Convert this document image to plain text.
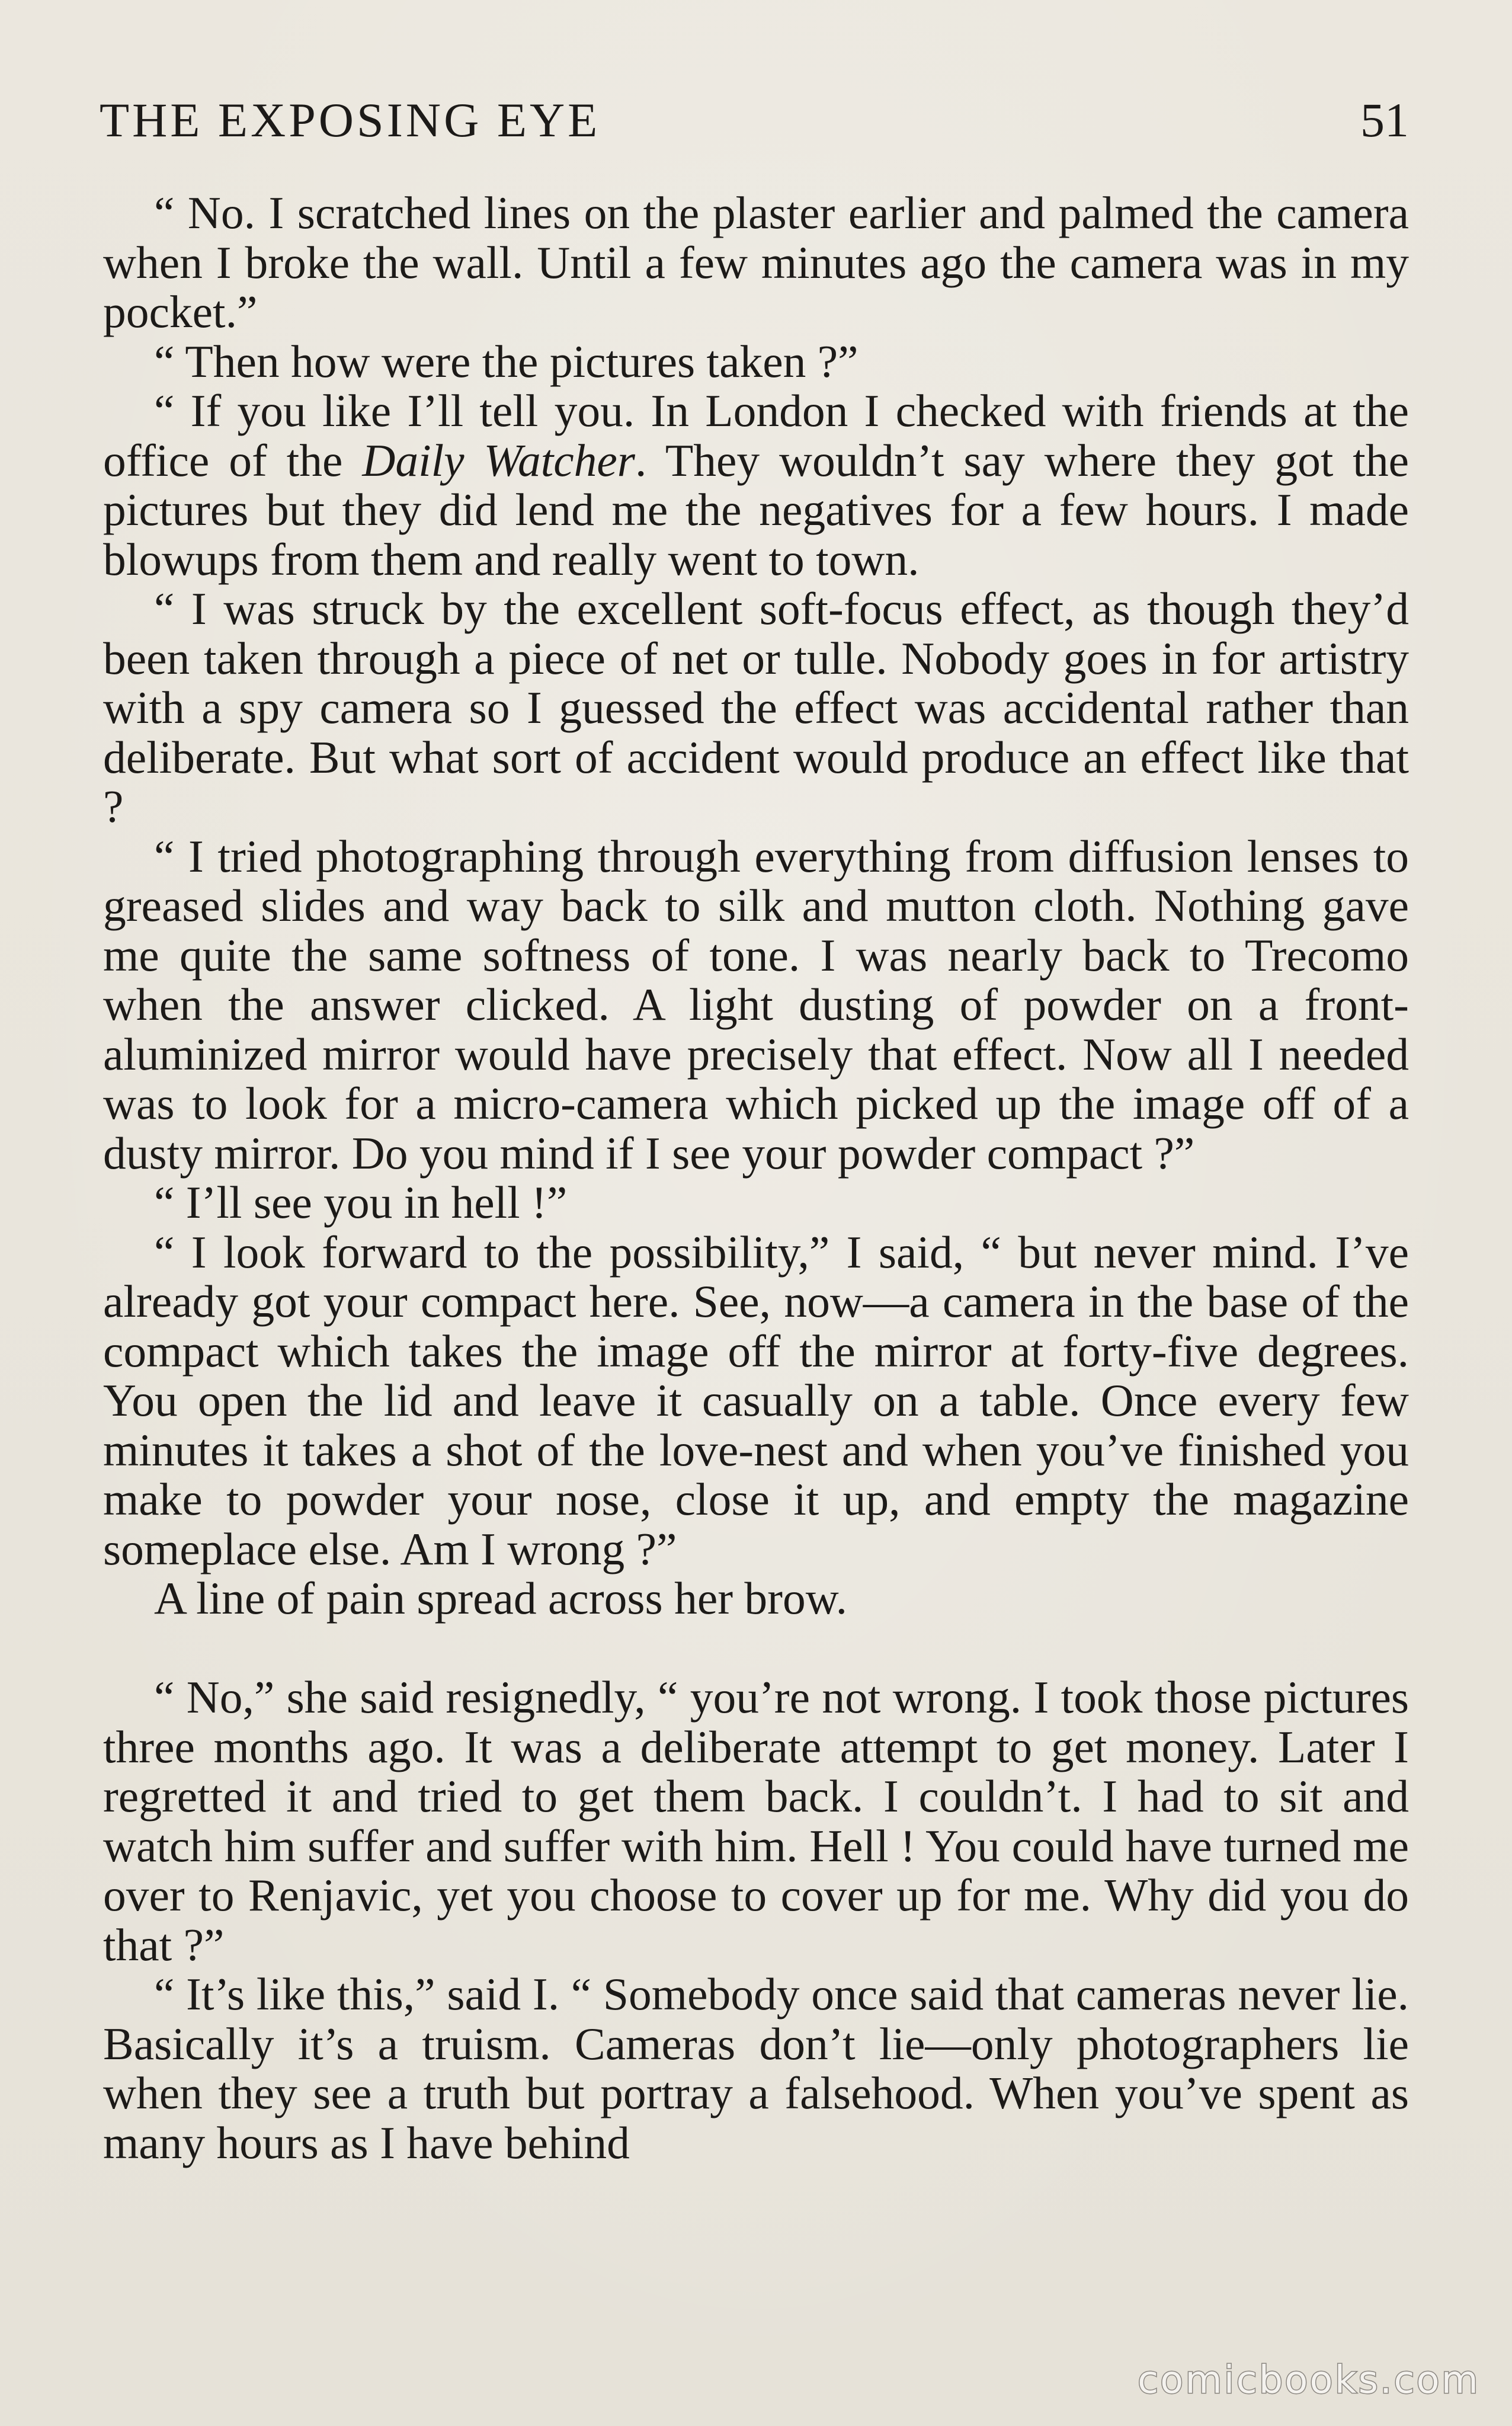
THE EXPOSING EYE	51

“ No. I scratched lines on the plaster earlier and palmed the camera when I broke the wall. Until a few minutes ago the camera was in my pocket.”

“ Then how were the pictures taken ?”

“ If you like I’ll tell you. In London I checked with friends at the office of the Daily Watcher. They wouldn’t say where they got the pictures but they did lend me the negatives for a few hours. I made blowups from them and really went to town.

“ I was struck by the excellent soft-focus effect, as though they’d been taken through a piece of net or tulle. Nobody goes in for artistry with a spy camera so I guessed the effect was accidental rather than deliberate. But what sort of accident would produce an effect like that ?

“ I tried photographing through everything from diffusion lenses to greased slides and way back to silk and mutton cloth. Nothing gave me quite the same softness of tone. I was nearly back to Trecomo when the answer clicked. A light dusting of powder on a front-aluminized mirror would have precisely that effect. Now all I needed was to look for a micro-camera which picked up the image off of a dusty mirror. Do you mind if I see your powder compact ?”

“ I’ll see you in hell !”

“ I look forward to the possibility,” I said, “ but never mind. I’ve already got your compact here. See, now—a camera in the base of the compact which takes the image off the mirror at forty-five degrees. You open the lid and leave it casually on a table. Once every few minutes it takes a shot of the love-nest and when you’ve finished you make to powder your nose, close it up, and empty the magazine someplace else. Am I wrong ?”

A line of pain spread across her brow.

“ No,” she said resignedly, “ you’re not wrong. I took those pictures three months ago. It was a deliberate attempt to get money. Later I regretted it and tried to get them back. I couldn’t. I had to sit and watch him suffer and suffer with him. Hell ! You could have turned me over to Renjavic, yet you choose to cover up for me. Why did you do that ?”

“ It’s like this,” said I. “ Somebody once said that cameras never lie. Basically it’s a truism. Cameras don’t lie—only photographers lie when they see a truth but portray a falsehood. When you’ve spent as many hours as I have behind

comicbooks.com
